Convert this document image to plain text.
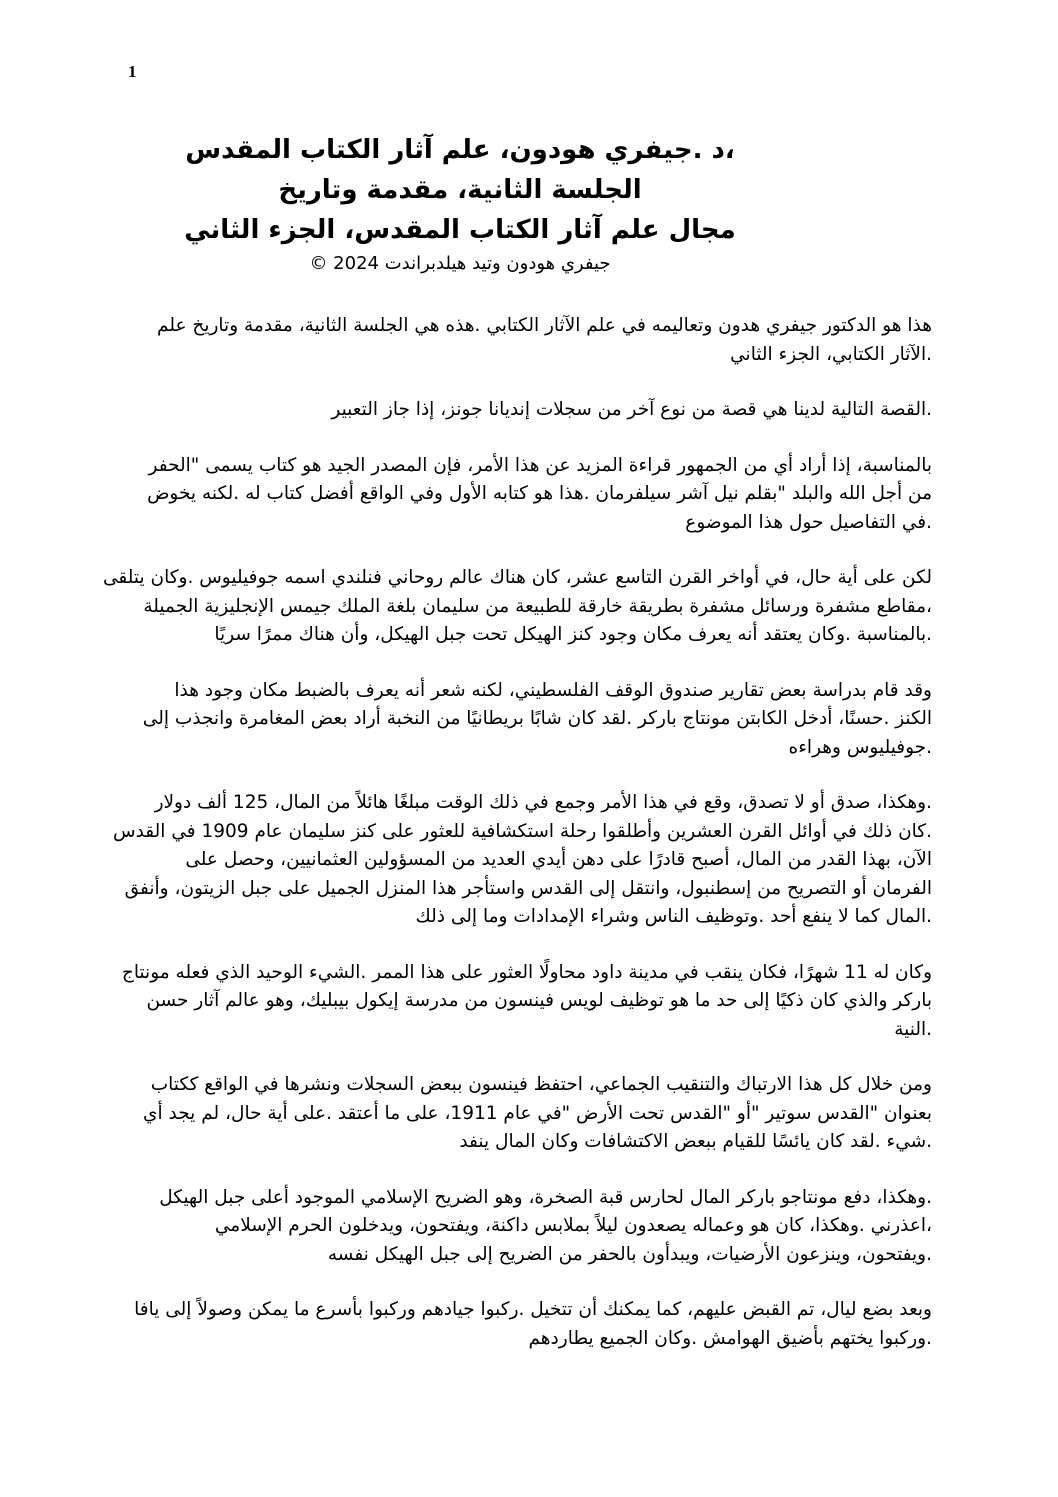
1
،د .جيفري هودون، علم آثار الكتاب المقدس
الجلسة الثانية، مقدمة وتاريخ
مجال علم آثار الكتاب المقدس، الجزء الثاني
جيفري هودون وتيد هيلدبراندت 2024 ©
هذا هو الدكتور جيفري هدون وتعاليمه في علم الآثار الكتابي .هذه هي الجلسة الثانية، مقدمة وتاريخ علم
.الآثار الكتابي، الجزء الثاني
.القصة التالية لدينا هي قصة من نوع آخر من سجلات إنديانا جونز، إذا جاز التعبير
بالمناسبة، إذا أراد أي من الجمهور قراءة المزيد عن هذا الأمر، فإن المصدر الجيد هو كتاب يسمى "الحفر
من أجل الله والبلد "بقلم نيل آشر سيلفرمان .هذا هو كتابه الأول وفي الواقع أفضل كتاب له .لكنه يخوض
.في التفاصيل حول هذا الموضوع
لكن على أية حال، في أواخر القرن التاسع عشر، كان هناك عالم روحاني فنلندي اسمه جوفيليوس .وكان يتلقى
،مقاطع مشفرة ورسائل مشفرة بطريقة خارقة للطبيعة من سليمان بلغة الملك جيمس الإنجليزية الجميلة
.بالمناسبة .وكان يعتقد أنه يعرف مكان وجود كنز الهيكل تحت جبل الهيكل، وأن هناك ممرًا سريًا
وقد قام بدراسة بعض تقارير صندوق الوقف الفلسطيني، لكنه شعر أنه يعرف بالضبط مكان وجود هذا
الكنز .حسنًا، أدخل الكابتن مونتاج باركر .لقد كان شابًا بريطانيًا من النخبة أراد بعض المغامرة وانجذب إلى
.جوفيليوس وهراءه
.وهكذا، صدق أو لا تصدق، وقع في هذا الأمر وجمع في ذلك الوقت مبلغًا هائلاً من المال، 125 ألف دولار
.كان ذلك في أوائل القرن العشرين وأطلقوا رحلة استكشافية للعثور على كنز سليمان عام 1909 في القدس
الآن، بهذا القدر من المال، أصبح قادرًا على دهن أيدي العديد من المسؤولين العثمانيين، وحصل على
الفرمان أو التصريح من إسطنبول، وانتقل إلى القدس واستأجر هذا المنزل الجميل على جبل الزيتون، وأنفق
.المال كما لا ينفع أحد .وتوظيف الناس وشراء الإمدادات وما إلى ذلك
وكان له 11 شهرًا، فكان ينقب في مدينة داود محاولًا العثور على هذا الممر .الشيء الوحيد الذي فعله مونتاج
باركر والذي كان ذكيًا إلى حد ما هو توظيف لويس فينسون من مدرسة إيكول بيبليك، وهو عالم آثار حسن
.النية
ومن خلال كل هذا الارتباك والتنقيب الجماعي، احتفظ فينسون ببعض السجلات ونشرها في الواقع ككتاب
بعنوان "القدس سوتير "أو "القدس تحت الأرض "في عام 1911، على ما أعتقد .على أية حال، لم يجد أي
.شيء .لقد كان يائسًا للقيام ببعض الاكتشافات وكان المال ينفد
.وهكذا، دفع مونتاجو باركر المال لحارس قبة الصخرة، وهو الضريح الإسلامي الموجود أعلى جبل الهيكل
،اعذرني .وهكذا، كان هو وعماله يصعدون ليلاً بملابس داكنة، ويفتحون، ويدخلون الحرم الإسلامي
.ويفتحون، وينزعون الأرضيات، ويبدأون بالحفر من الضريح إلى جبل الهيكل نفسه
وبعد بضع ليال، تم القبض عليهم، كما يمكنك أن تتخيل .ركبوا جيادهم وركبوا بأسرع ما يمكن وصولاً إلى يافا
.وركبوا يختهم بأضيق الهوامش .وكان الجميع يطاردهم
